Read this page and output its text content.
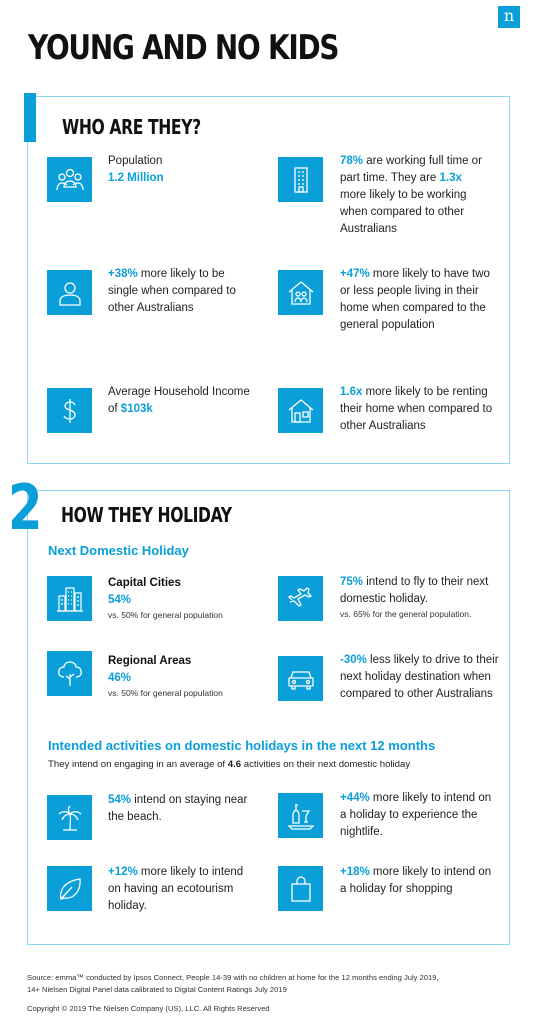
n
YOUNG AND NO KIDS
WHO ARE THEY?
Population
1.2 Million
78% are working full time or part time. They are 1.3x more likely to be working when compared to other Australians
+38% more likely to be single when compared to other Australians
+47% more likely to have two or less people living in their home when compared to the general population
Average Household Income of $103k
1.6x more likely to be renting their home when compared to other Australians
2 HOW THEY HOLIDAY
Next Domestic Holiday
Capital Cities
54%
vs. 50% for general population
75% intend to fly to their next domestic holiday.
vs. 65% for the general population.
Regional Areas
46%
vs. 50% for general population
-30% less likely to drive to their next holiday destination when compared to other Australians
Intended activities on domestic holidays in the next 12 months
They intend on engaging in an average of 4.6 activities on their next domestic holiday
54% intend on staying near the beach.
+44% more likely to intend on a holiday to experience the nightlife.
+12% more likely to intend on having an ecotourism holiday.
+18% more likely to intend on a holiday for shopping
Source: emma™ conducted by Ipsos Connect, People 14-39 with no children at home for the 12 months ending July 2019,
14+ Nielsen Digital Panel data calibrated to Digital Content Ratings July 2019
Copyright © 2019 The Nielsen Company (US), LLC. All Rights Reserved
